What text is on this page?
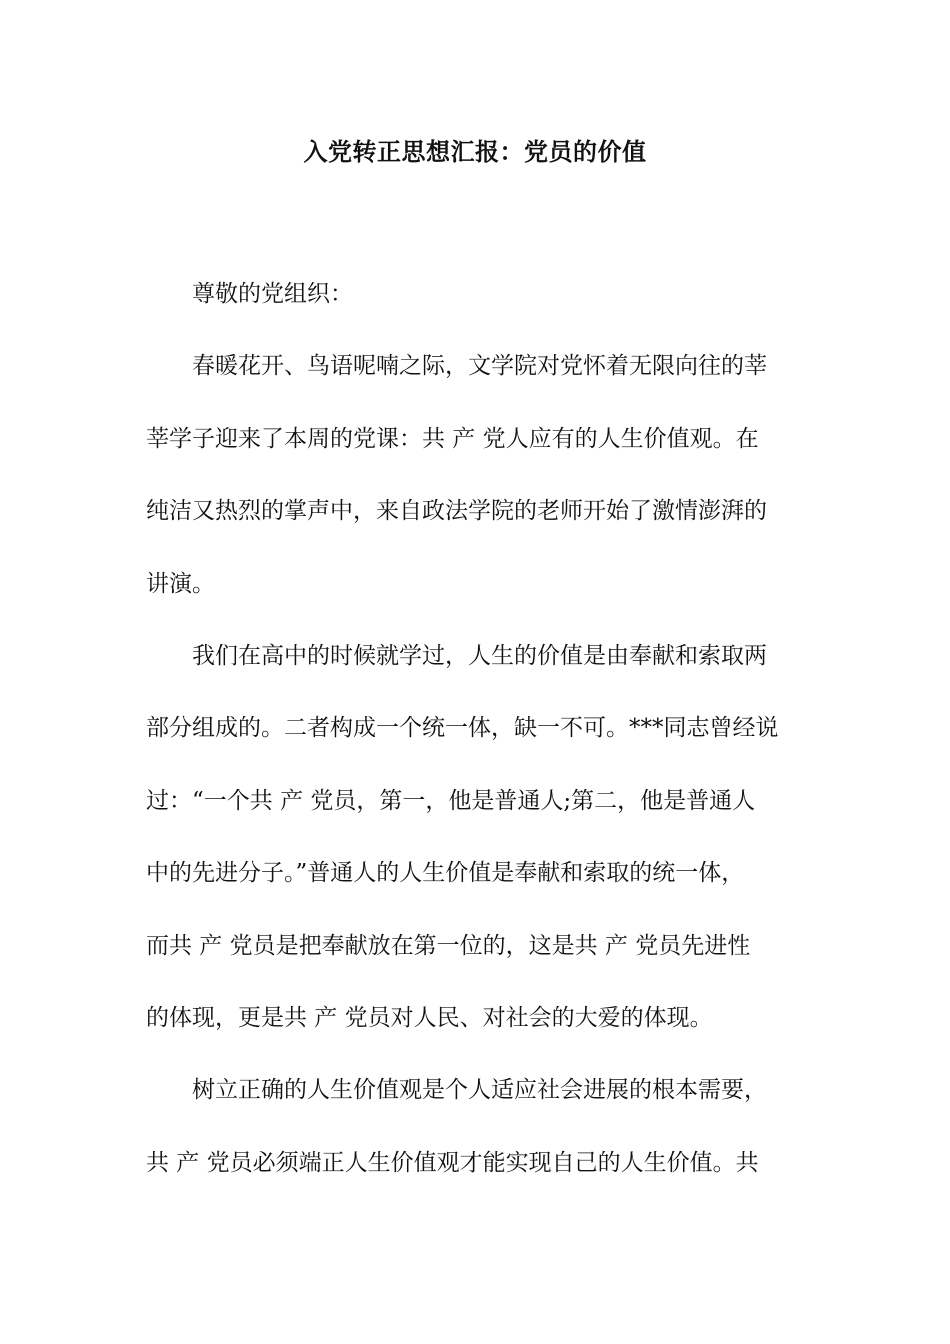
入党转正思想汇报：党员的价值
　　尊敬的党组织：
　　春暖花开、鸟语呢喃之际，文学院对党怀着无限向往的莘
莘学子迎来了本周的党课：共 产 党人应有的人生价值观。在
纯洁又热烈的掌声中，来自政法学院的老师开始了激情澎湃的
讲演。
　　我们在高中的时候就学过，人生的价值是由奉献和索取两
部分组成的。二者构成一个统一体，缺一不可。***同志曾经说
过：“一个共 产 党员，第一，他是普通人;第二，他是普通人
中的先进分子。”普通人的人生价值是奉献和索取的统一体，
而共 产 党员是把奉献放在第一位的，这是共 产 党员先进性
的体现，更是共 产 党员对人民、对社会的大爱的体现。
　　树立正确的人生价值观是个人适应社会进展的根本需要，
共 产 党员必须端正人生价值观才能实现自己的人生价值。共
